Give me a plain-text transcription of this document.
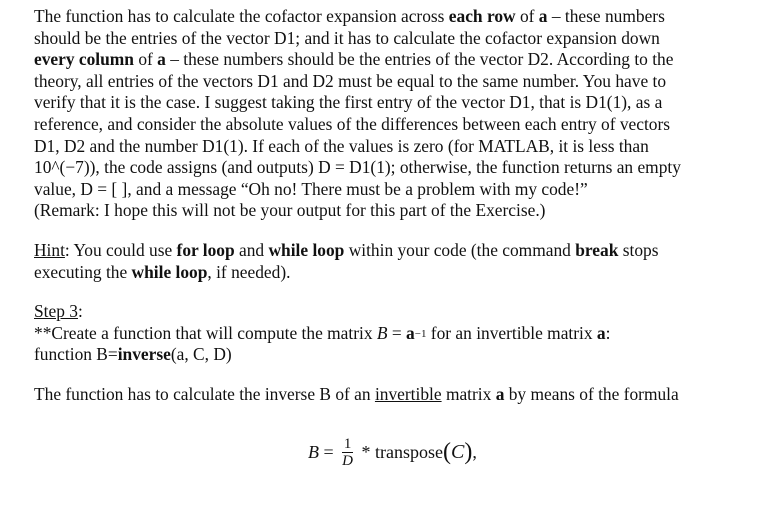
The function has to calculate the cofactor expansion across each row of a – these numbers
should be the entries of the vector D1; and it has to calculate the cofactor expansion down
every column of a – these numbers should be the entries of the vector D2. According to the
theory, all entries of the vectors D1 and D2 must be equal to the same number. You have to
verify that it is the case. I suggest taking the first entry of the vector D1, that is D1(1), as a
reference, and consider the absolute values of the differences between each entry of vectors
D1, D2 and the number D1(1). If each of the values is zero (for MATLAB, it is less than
10^(−7)), the code assigns (and outputs) D = D1(1); otherwise, the function returns an empty
value, D = [ ], and a message “Oh no! There must be a problem with my code!”
(Remark: I hope this will not be your output for this part of the Exercise.)
Hint: You could use for loop and while loop within your code (the command break stops
executing the while loop, if needed).
Step 3:
**Create a function that will compute the matrix $B = a^{-1}$ for an invertible matrix a:
function B=inverse(a, C, D)
The function has to calculate the inverse B of an invertible matrix a by means of the formula
$B = \frac{1}{D}$ * transpose ( C ) ,
